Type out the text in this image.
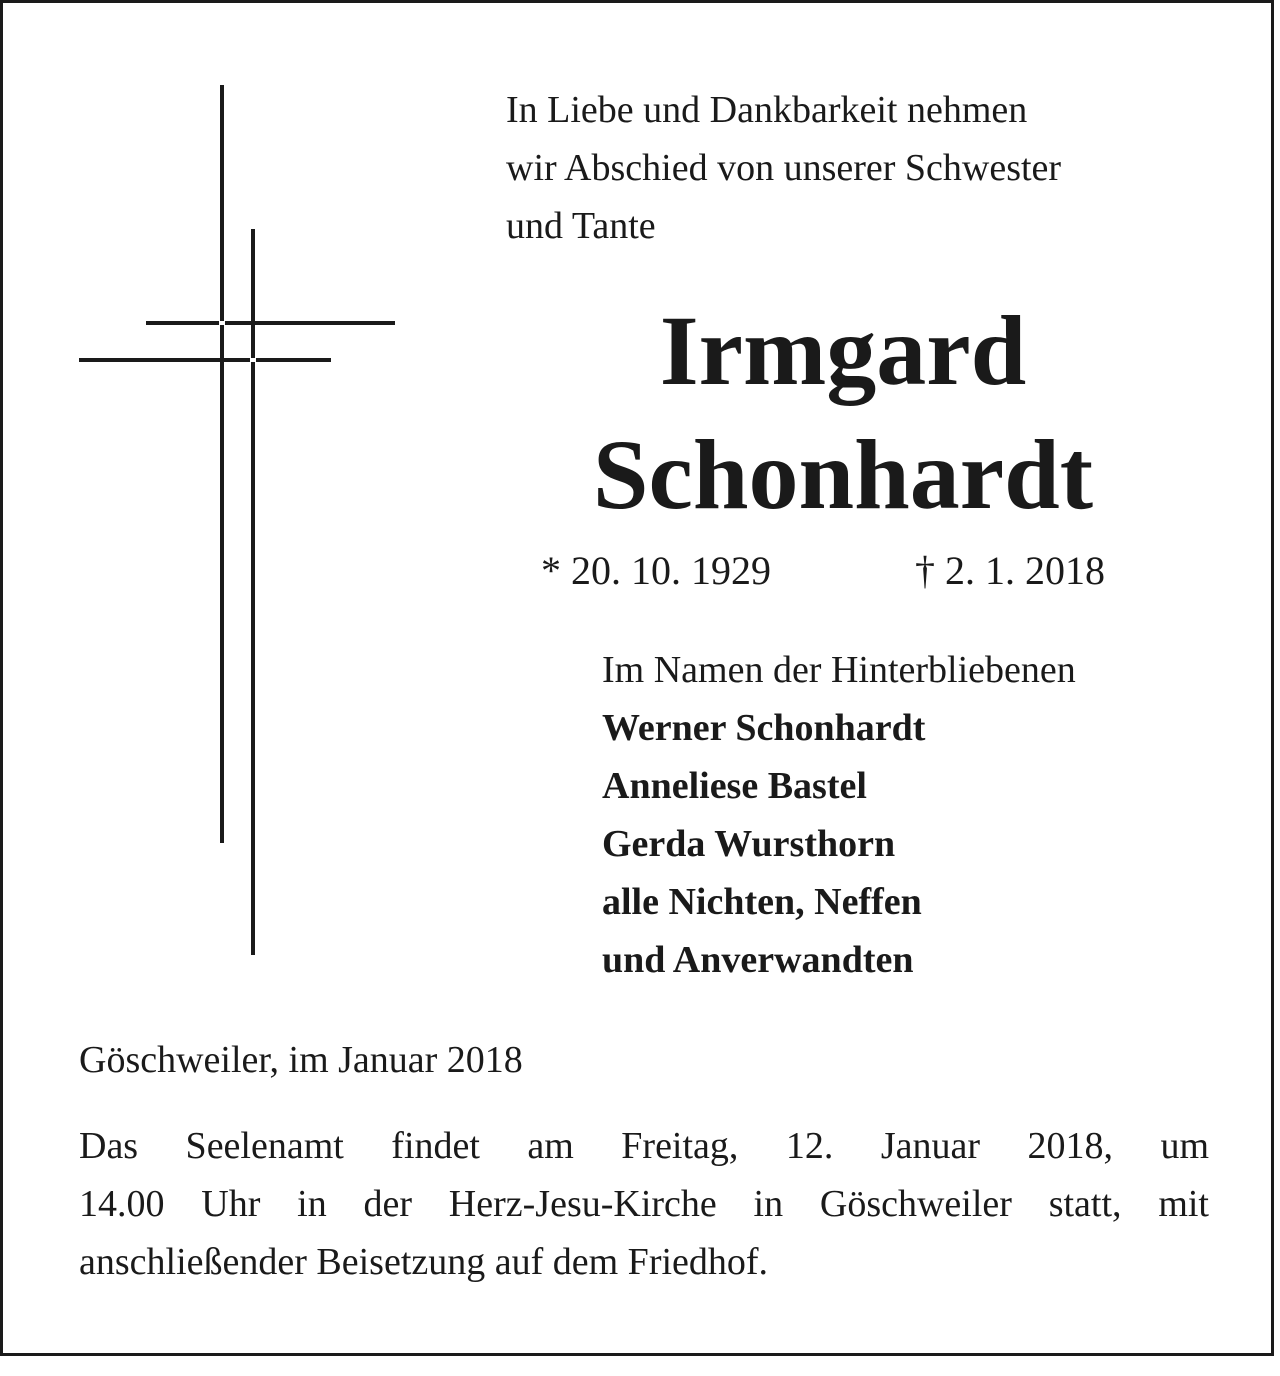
In Liebe und Dankbarkeit nehmen
wir Abschied von unserer Schwester
und Tante

Irmgard
Schonhardt
* 20. 10. 1929	† 2. 1. 2018
Im Namen der Hinterbliebenen
Werner Schonhardt
Anneliese Bastel
Gerda Wursthorn
alle Nichten, Neffen
und Anverwandten
Göschweiler, im Januar 2018
Das Seelenamt findet am Freitag, 12. Januar 2018, um
14.00 Uhr in der Herz-Jesu-Kirche in Göschweiler statt, mit
anschließender Beisetzung auf dem Friedhof.
